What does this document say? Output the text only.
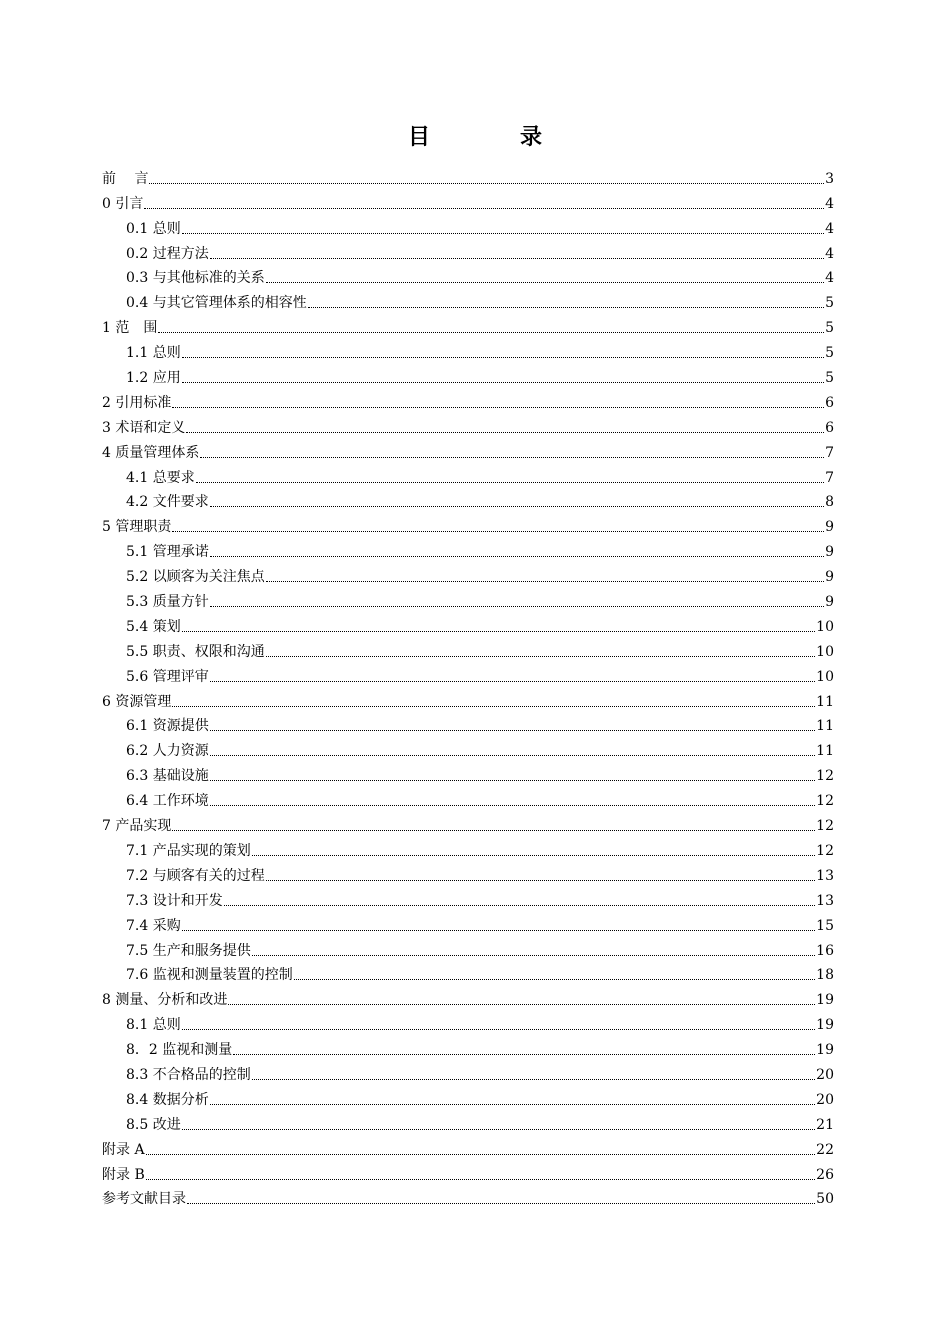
目　录
前　 言	3
0 引言	4
0.1 总则	4
0.2 过程方法	4
0.3 与其他标准的关系	4
0.4 与其它管理体系的相容性	5
1 范　围	5
1.1 总则	5
1.2 应用	5
2 引用标准	6
3 术语和定义	6
4 质量管理体系	7
4.1 总要求	7
4.2 文件要求	8
5 管理职责	9
5.1 管理承诺	9
5.2 以顾客为关注焦点	9
5.3 质量方针	9
5.4 策划	10
5.5 职责、权限和沟通	10
5.6 管理评审	10
6 资源管理	11
6.1 资源提供	11
6.2 人力资源	11
6.3 基础设施	12
6.4 工作环境	12
7 产品实现	12
7.1 产品实现的策划	12
7.2 与顾客有关的过程	13
7.3 设计和开发	13
7.4 采购	15
7.5 生产和服务提供	16
7.6 监视和测量装置的控制	18
8 测量、分析和改进	19
8.1 总则	19
8．2 监视和测量	19
8.3 不合格品的控制	20
8.4 数据分析	20
8.5 改进	21
附录 A	22
附录 B	26
参考文献目录	50
